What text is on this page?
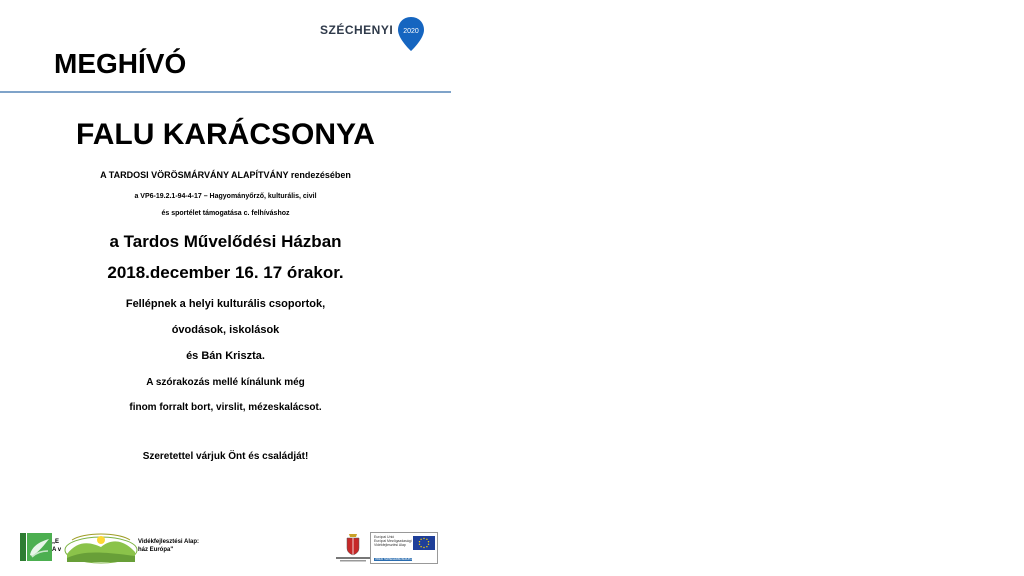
SZÉCHENYI 2020
MEGHÍVÓ
FALU KARÁCSONYA
A TARDOSI VÖRÖSMÁRVÁNY ALAPÍTVÁNY rendezésében
a VP6-19.2.1-94-4-17 – Hagyományőrző, kulturális, civil
és sportélet támogatása c. felhíváshoz
a Tardos Művelődési Házban
2018.december 16. 17 órakor.
Fellépnek a helyi kulturális csoportok,
óvodások, iskolások
és Bán Kriszta.
A szórakozás mellé kínálunk még
finom forralt bort, virslit, mézeskalácsot.
Szeretettel várjuk Önt és családját!
„E
A v
Vidékfejlesztési Alap:
ház Európa"
Európai Unió
Európai Mezőgazdasági
Vidékfejlesztési Alap
VIDÉKI TÉRSÉGEKBE BERUHÁZÓ EURÓPA
